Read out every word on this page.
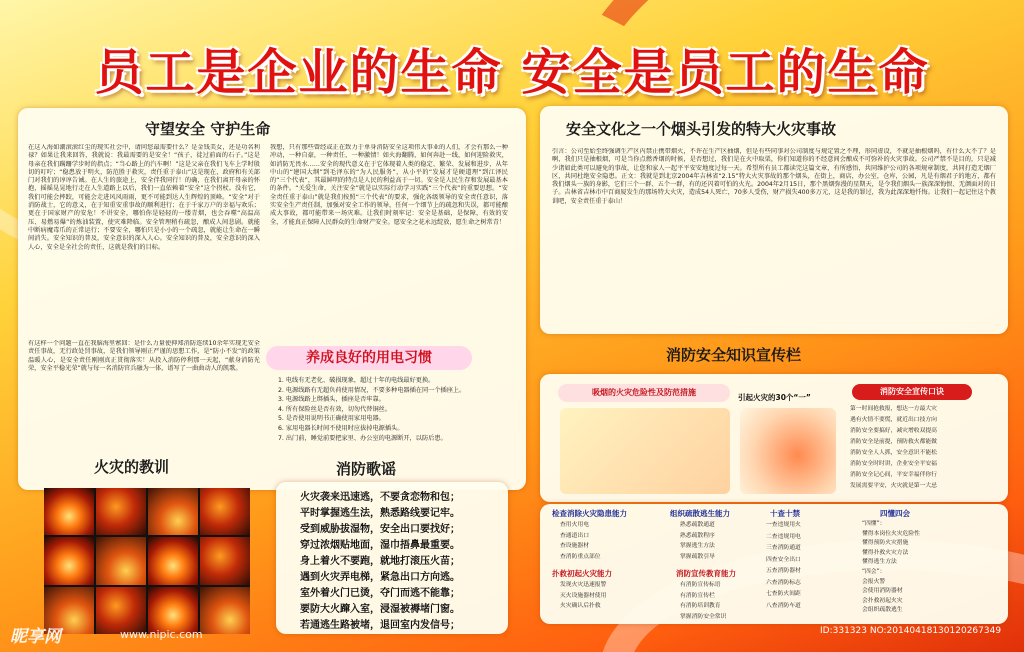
员工是企业的生命 安全是员工的生命
守望安全 守护生命
在这入海如潮滚滚红尘的现实社会中，请问您最需要什么？是金钱美女，还是功名利禄？如果让我来回答，我就说：我最需要的是安全！“孩子，徒过前面的石子。”这是母亲在我们蹒跚学步时的指点；“当心路上的汽车啊！”这是父亲在我们飞车上学时殷切的叮咛；“稳患放于明火，防范胜于救灾，责任重于泰山”这是现在，政府和有关部门对我们的谆谆告诫。在人生的旅途上，安全伴我同行！的确，在我们离开母亲的怀抱，摇摇晃晃地行走在人生道路上以后，我们一直依赖着“安全”这个拐杖。没有它，我们可能会摔跤，可能会走进风风雨雨，更不可能到达人生辉煌的顶峰。“安全”对于消防战士，它的意义，在于知重安重事故的顺利进行；在于千家万户的幸福与欢乐；更在于国家财产的安危！不讲安全，哪怕你是轻轻的一缕青烟，也会吞噬“高温高压、易燃易爆”的炼油装置，使灾难降临。安全管理稍有疏忽，酿成人间悲剧。就能中断病魔毒爪的正常运行；不要安全，哪怕只是小小的一个疏忽，就能让生命在一瞬间消失。安全知识的普及，安全意识的深入人心。安全知识的普及，安全意识的深入人心，安全是全社会的责任，这就是我们的目标。
我想，只有那些曾经或正在致力于单身消防安全这项伟大事业的人们，才会有那么一种冲动，一种自豪，一种责任，一种激情！如火海翻腾，如何奔赴一线，如何迎险救灾，如消防无畏水……安全的现代意义在于它体现着人类的稳定、繁荣、发展和进步，从年中山的“建国大纲”到毛泽东的“为人民服务”，从小平的“发展才是硬道理”到江泽民的“三个代表”，其最鲜明的特点是人民的利益高于一切。安全是人民生存和发展最基本的条件。“关爱生命，关注安全”就是以实际行动学习实践“三个代表”的重要思想。“安全责任重于泰山”就是我们按照“三个代表”的要求，强化各级领导的安全责任意识，落实安全生产责任制，加强对安全工作的领导，任何一个细节上的疏忽和失误，都可能酿成大事故，都可能带来一场灾难。让我们时刻牢记：安全是基础，是保障，有效的安全，才能真正保障人民群众的生命财产安全。愿安全之花永远绽放，愿生命之树常青！
有这样一个问题一直在我脑海里萦回：是什么力量使抑郑消防连续10余年实现无安全责任事故，无行政处罚事故，是我们领导刚正严谨的思想工作，是“防小不发”的政策温暖人心，是安全责任刚刚真正贯彻落实！从投入消防停利那一天起，“献身消防光荣，安全平稳光荣”就与每一名消防官兵融为一体，谱写了一曲曲动人的凯歌。
养成良好的用电习惯
1. 电线有无老化、破损现象，超过十年的电线最好更换。
2. 电源线路有无超负荷使用情况，不要多种电器插在同一个插座上。
3. 电源线路上绑插头，插座是否牢靠。
4. 所有保险丝是否有效，切勿代替铜丝。
5. 是否使用说明书正确使用家用电器。
6. 家用电器长时间不使用时应拔掉电源插头。
7. 出门前，睡觉前要把家里、办公室的电源断开，以防后患。
火灾的教训	消防歌谣
火灾袭来迅速逃，不要贪恋物和包；
平时掌握逃生法，熟悉路线要记牢。
受到威胁拔湿物，安全出口要找好；
穿过浓烟贴地面，湿巾捂鼻最重要。
身上着火不要跑，就地打滚压火苗；
遇到火灾弄电梯，紧急出口方向逃。
室外着火门已烫，夺门而逃不能靠；
要防大火蹿入室，浸湿被褥堵门窗。
若通逃生路被堵，退回室内发信号；
安全文化之一个烟头引发的特大火灾事故
引言：公司至始至终强调生产区内禁止携带烟火，不许在生产区抽烟，但是有些同事对公司制度与规定置之不理，形同虚设，不就是抽根烟吗，有什么大不了？是啊，我们只是抽根烟，可是当你点燃香烟的时候，是否想过，我们是在火中取栗，你们知道你的不经意间会酿成不可弥补的火灾事故。公司严禁不是目的，只是减少诸如此类可以避免的事故，让您和家人一起平平安安地度过每一天。希望所有员工都读完这篇文章，有所感悟，共同维护公司的各项规章制度，共同打造无烟厂区，共同杜绝安全隐患。正文：我就是到北京2004年吉林省“2.15”特大火灾事故的那个烟头，在街上，商店，办公室，仓库，公园，凡是有烟君子的地方，都有我们烟头一族的身影，它们三个一群、五个一群，有的还闪着可怕的火光。2004年2月15日，那个黑烟弥漫的星期天，是令我们烟头一族深深悔恨、无颜面对的日子。吉林省吉林市中百商厦发生的那场特大火灾，造成54人死亡，70多人受伤，财产损失400多万元，这是我的罪过，我为此深深地忏悔。让我们一起记住这个教训吧，安全责任重于泰山！
消防安全知识宣传栏
吸烟的火灾危险性及防范措施
引起火灾的30个“一”
消防安全宣传口诀
第一时间抢救报，想达一方最大灾
遇有火情不要慌，就近出口技方向
消防安全要搞好，减灾增收双提高
消防安全是前提，预防救火都能做
消防安全人人抓，安全意识不能松
消防安全时时讲，企业安全平安福
消防安全记心间，平安幸福伴你行
发展需要平安，火灾就是第一大忌
检查消除火灾隐患能力
查用火用电
查通道出口
查设施器材
查消防重点部位
扑救初起火灾能力
发现火灾迅速报警
灭火设施器材使用
火灾确认后扑救
组织疏散逃生能力
熟悉疏散通道
熟悉疏散程序
掌握逃生方法
掌握疏散引导
消防宣传教育能力
有消防宣传标语
有消防宣传栏
有消防培训教育
掌握消防安全常识
十查十禁
一查违规用火
二查违规用电
三查消防通道
四查安全出口
五查消防器材
六查消防标志
七查防火间距
八查消防车道
四懂四会
“四懂”：
懂得本岗位火灾危险性
懂得预防火灾措施
懂得扑救火灾方法
懂得逃生方法
“四会”：
会报火警
会使用消防器材
会扑救初起火灾
会组织疏散逃生
昵享网	www.nipic.com	ID:331323 NO:20140418130120267349
